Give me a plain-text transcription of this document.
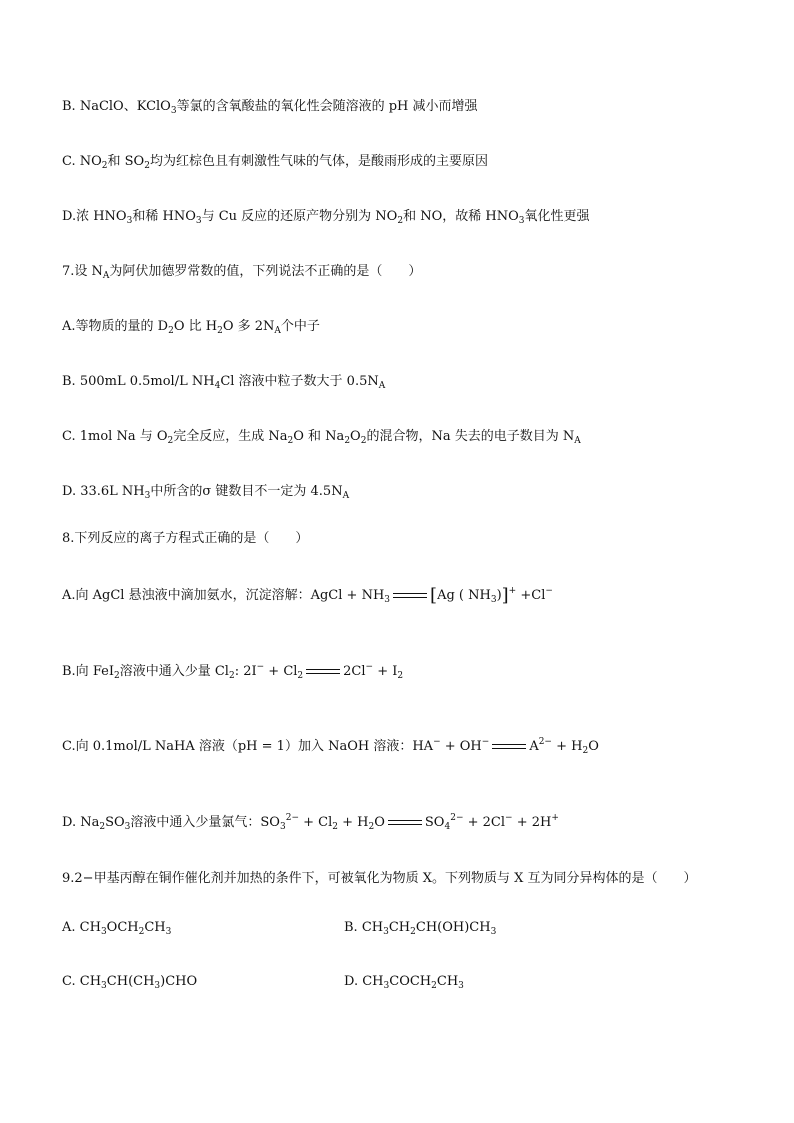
B. NaClO、KClO$_3$等氯的含氧酸盐的氧化性会随溶液的 pH 减小而增强
C. $NO_2$和 $SO_2$均为红棕色且有刺激性气味的气体，是酸雨形成的主要原因
D.浓 $HNO_3$和稀 $HNO_3$与 Cu 反应的还原产物分别为 $NO_2$和 NO，故稀 $HNO_3$氧化性更强
7.设 $N_A$为阿伏加德罗常数的值，下列说法不正确的是（　　）
A.等物质的量的 $D_2O$ 比 $H_2O$ 多 $2N_A$个中子
B. 500mL 0.5mol/L $NH_4Cl$ 溶液中粒子数大于 $0.5N_A$
C. 1mol Na 与 $O_2$完全反应，生成 $Na_2O$ 和 $Na_2O_2$的混合物，Na 失去的电子数目为 $N_A$
D. 33.6L $NH_3$中所含的σ 键数目不一定为 $4.5N_A$
8.下列反应的离子方程式正确的是（　　）
A.向 AgCl 悬浊液中滴加氨水，沉淀溶解：AgCl + $NH_3$ [Ag ( $NH_3)]^+ +Cl^-$
B.向 FeI$_2$溶液中通入少量 $Cl_2$: $2I^- + Cl_2$	$2Cl^- + I_2$
C.向 0.1mol/L NaHA 溶液（pH = 1）加入 NaOH 溶液：HA− + OH−	$A^{2-} + H_2O$
D. $Na_2SO_3$溶液中通入少量氯气：$SO_3^{2-} + Cl_2 + H_2O$	$SO_4^{2-} + 2Cl^- + 2H^+$
9.2−甲基丙醇在铜作催化剂并加热的条件下，可被氧化为物质 X。下列物质与 X 互为同分异构体的是（　　）
A. $CH_3OCH_2CH_3$	B. $CH_3CH_2CH(OH)CH_3$
C. $CH_3CH(CH_3)CHO$	D. $CH_3COCH_2CH_3$
